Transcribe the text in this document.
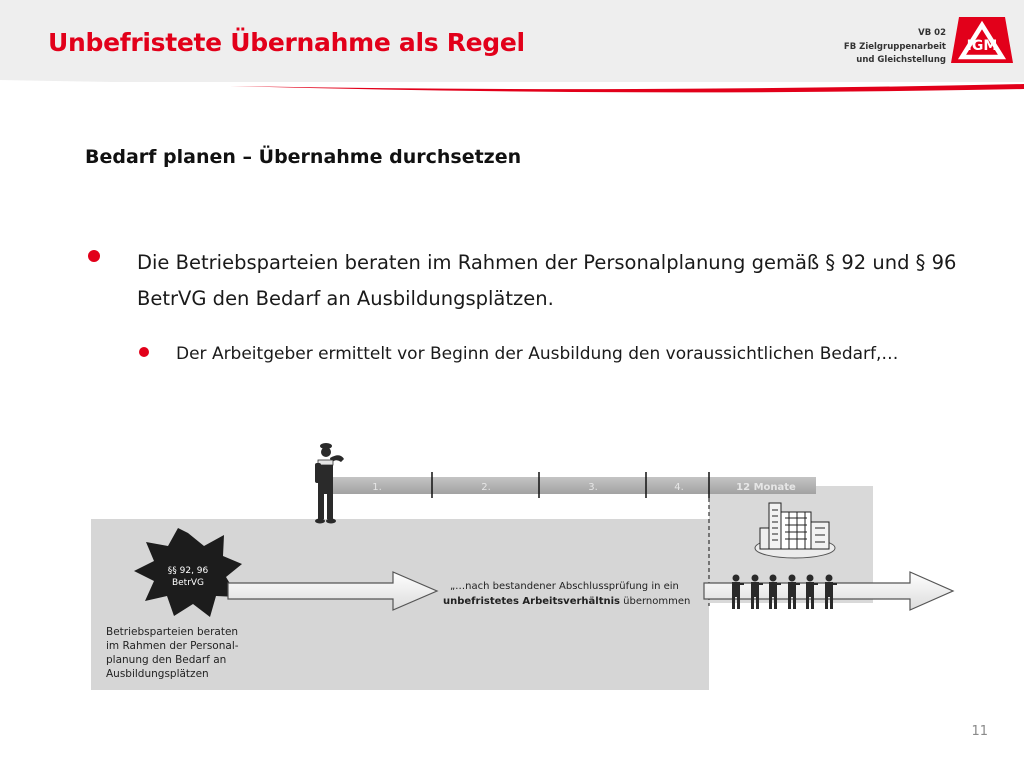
Unbefristete Übernahme als Regel	VB 02
FB Zielgruppenarbeit
und Gleichstellung
IGM
Bedarf planen – Übernahme durchsetzen

Die Betriebsparteien beraten im Rahmen der Personalplanung gemäß § 92 und § 96 BetrVG den Bedarf an Ausbildungsplätzen.

Der Arbeitgeber ermittelt vor Beginn der Ausbildung den voraussichtlichen Bedarf,…

1.	2.	3.	4.	12 Monate
§§ 92, 96
BetrVG	„…nach bestandener Abschlussprüfung in ein
unbefristetes Arbeitsverhältnis übernommen
Betriebsparteien beraten
im Rahmen der Personal-
planung den Bedarf an
Ausbildungsplätzen
11
